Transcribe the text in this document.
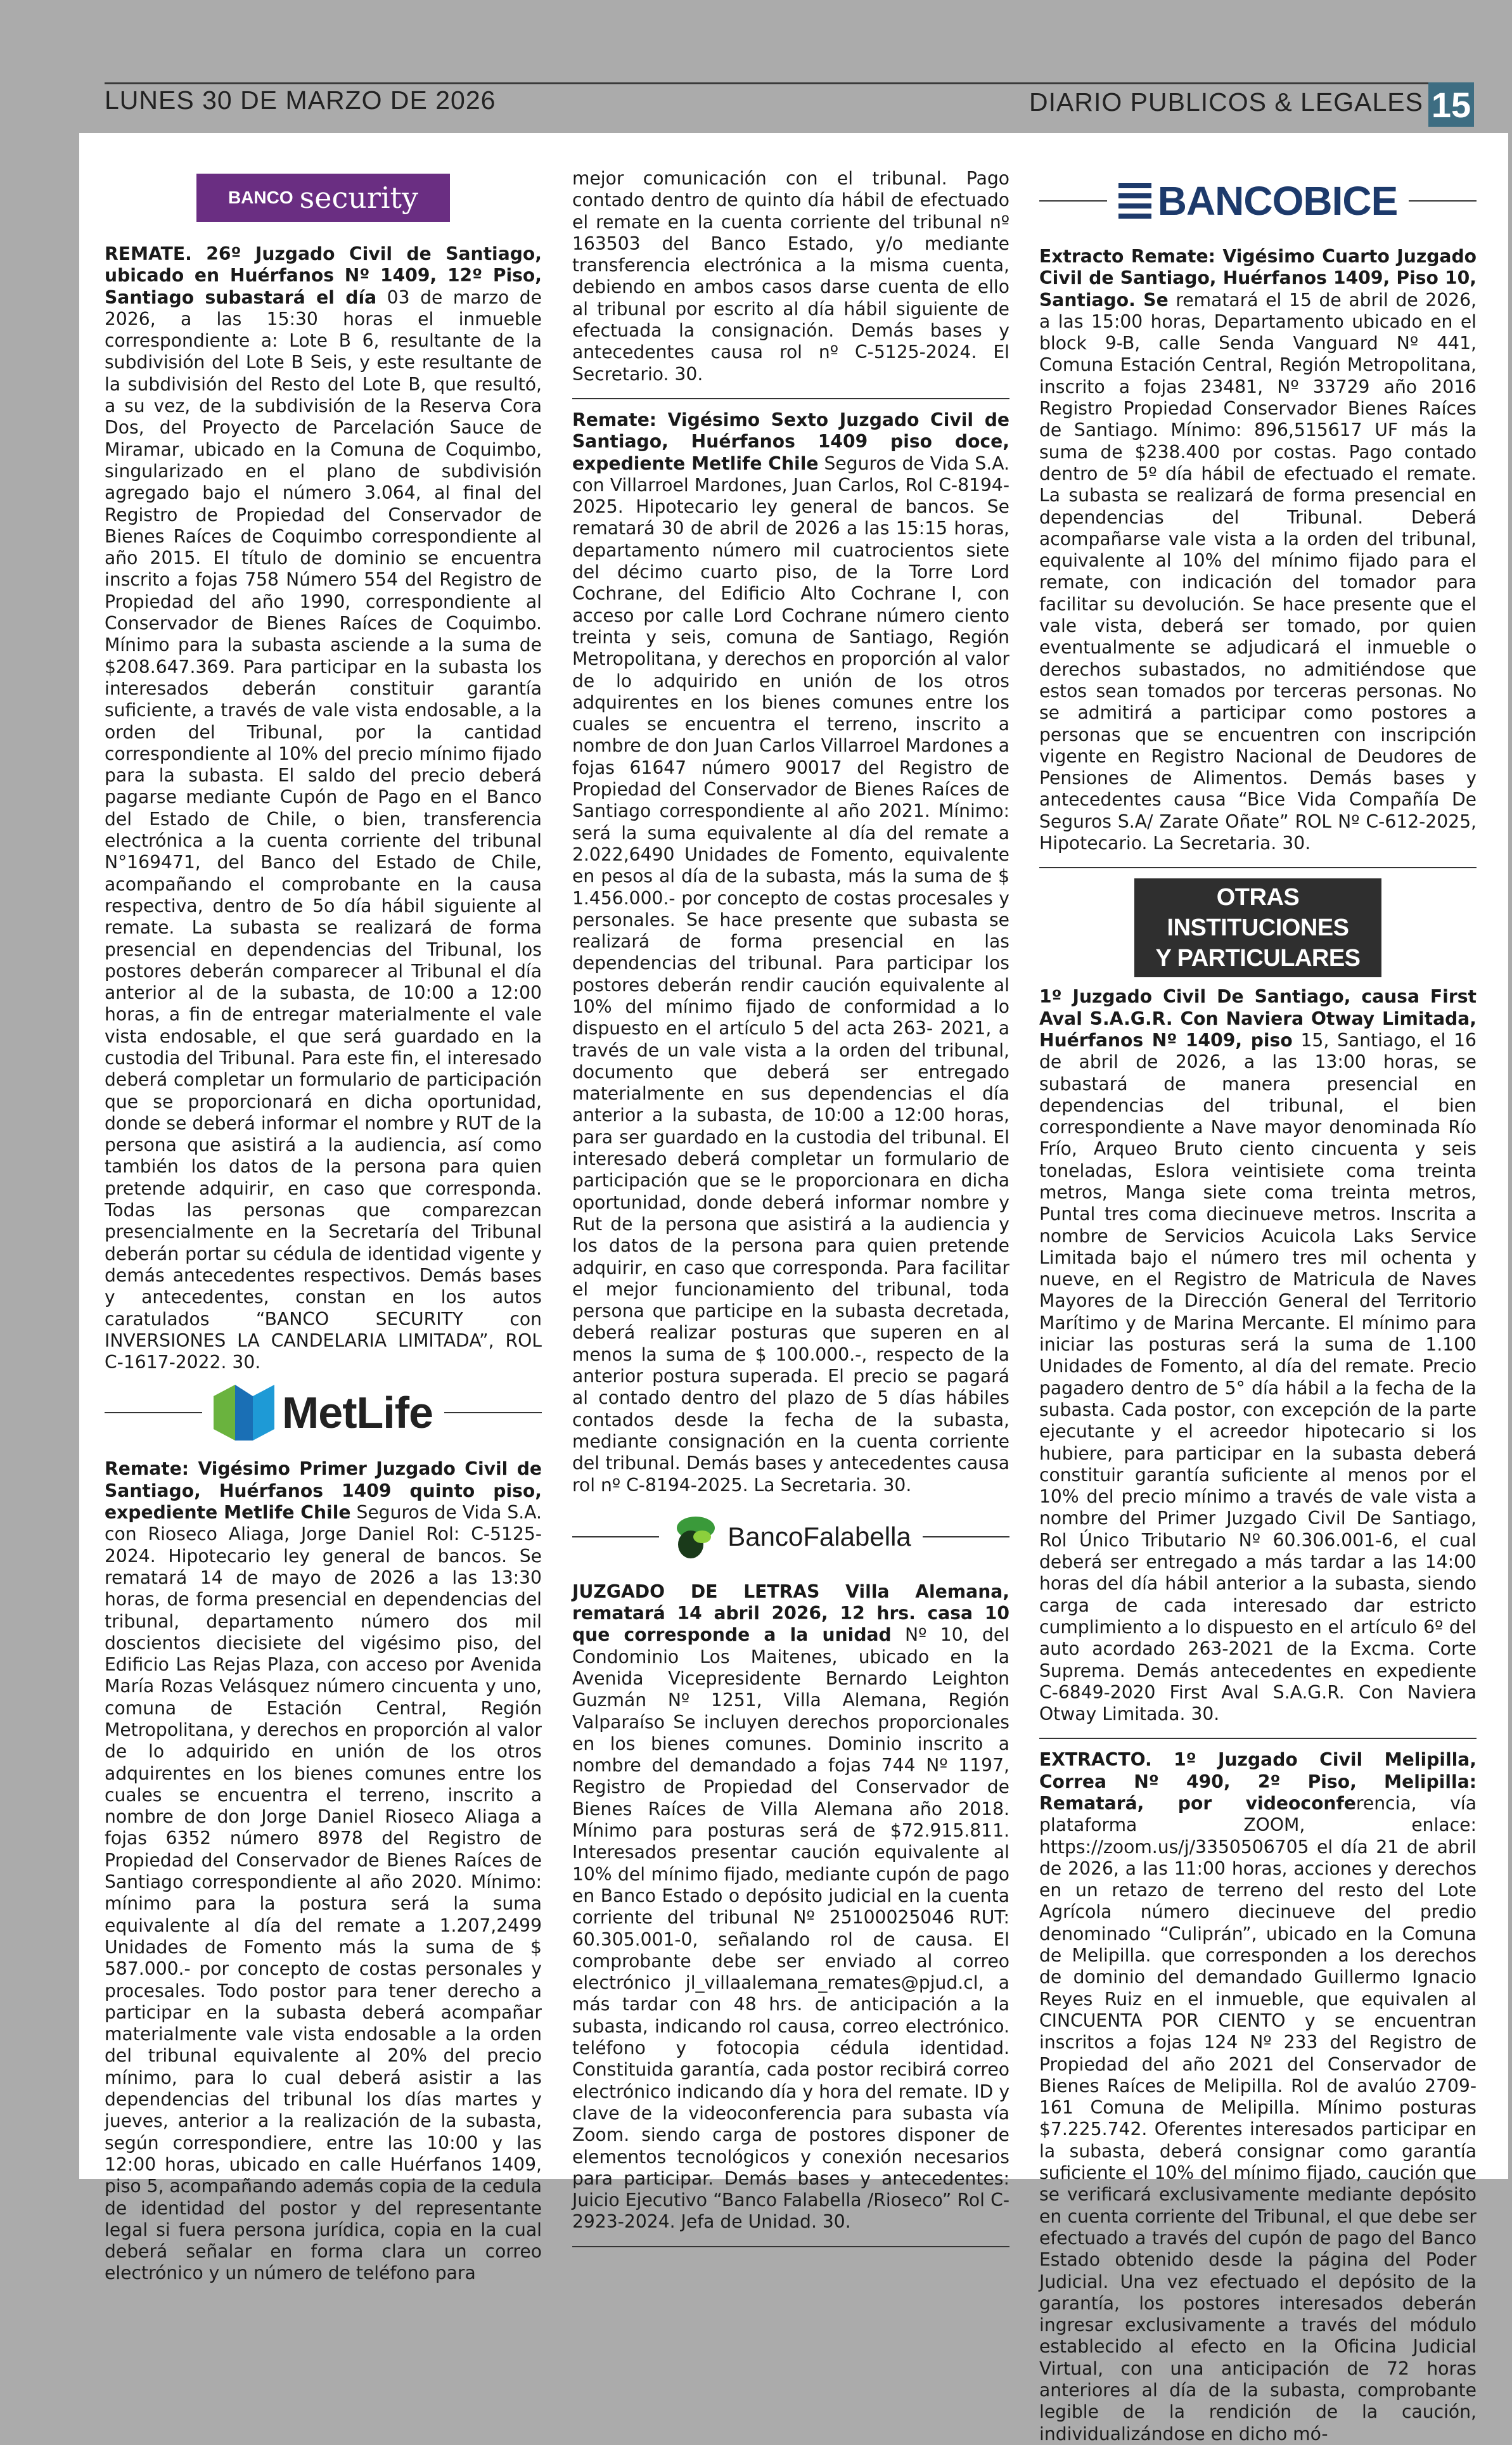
LUNES 30 DE MARZO DE 2026	DIARIO PUBLICOS & LEGALES 15
BANCO security

REMATE. 26º Juzgado Civil de Santiago, ubicado en Huérfanos Nº 1409, 12º Piso, Santiago subastará el día 03 de marzo de 2026, a las 15:30 horas el inmueble correspondiente a: Lote B 6, resultante de la subdivisión del Lote B Seis, y este resultante de la subdivisión del Resto del Lote B, que resultó, a su vez, de la subdivisión de la Reserva Cora Dos, del Proyecto de Parcelación Sauce de Miramar, ubicado en la Comuna de Coquimbo, singularizado en el plano de subdivisión agregado bajo el número 3.064, al final del Registro de Propiedad del Conservador de Bienes Raíces de Coquimbo correspondiente al año 2015. El título de dominio se encuentra inscrito a fojas 758 Número 554 del Registro de Propiedad del año 1990, correspondiente al Conservador de Bienes Raíces de Coquimbo. Mínimo para la subasta asciende a la suma de $208.647.369. Para participar en la subasta los interesados deberán constituir garantía suficiente, a través de vale vista endosable, a la orden del Tribunal, por la cantidad correspondiente al 10% del precio mínimo fijado para la subasta. El saldo del precio deberá pagarse mediante Cupón de Pago en el Banco del Estado de Chile, o bien, transferencia electrónica a la cuenta corriente del tribunal N°169471, del Banco del Estado de Chile, acompañando el comprobante en la causa respectiva, dentro de 5o día hábil siguiente al remate. La subasta se realizará de forma presencial en dependencias del Tribunal, los postores deberán comparecer al Tribunal el día anterior al de la subasta, de 10:00 a 12:00 horas, a fin de entregar materialmente el vale vista endosable, el que será guardado en la custodia del Tribunal. Para este fin, el interesado deberá completar un formulario de participación que se proporcionará en dicha oportunidad, donde se deberá informar el nombre y RUT de la persona que asistirá a la audiencia, así como también los datos de la persona para quien pretende adquirir, en caso que corresponda. Todas las personas que comparezcan presencialmente en la Secretaría del Tribunal deberán portar su cédula de identidad vigente y demás antecedentes respectivos. Demás bases y antecedentes, constan en los autos caratulados “BANCO SECURITY con INVERSIONES LA CANDELARIA LIMITADA”, ROL C-1617-2022. 30.

MetLife

Remate: Vigésimo Primer Juzgado Civil de Santiago, Huérfanos 1409 quinto piso, expediente Metlife Chile Seguros de Vida S.A. con Rioseco Aliaga, Jorge Daniel Rol: C-5125-2024. Hipotecario ley general de bancos. Se rematará 14 de mayo de 2026 a las 13:30 horas, de forma presencial en dependencias del tribunal, departamento número dos mil doscientos diecisiete del vigésimo piso, del Edificio Las Rejas Plaza, con acceso por Avenida María Rozas Velásquez número cincuenta y uno, comuna de Estación Central, Región Metropolitana, y derechos en proporción al valor de lo adquirido en unión de los otros adquirentes en los bienes comunes entre los cuales se encuentra el terreno, inscrito a nombre de don Jorge Daniel Rioseco Aliaga a fojas 6352 número 8978 del Registro de Propiedad del Conservador de Bienes Raíces de Santiago correspondiente al año 2020. Mínimo: mínimo para la postura será la suma equivalente al día del remate a 1.207,2499 Unidades de Fomento más la suma de $ 587.000.- por concepto de costas personales y procesales. Todo postor para tener derecho a participar en la subasta deberá acompañar materialmente vale vista endosable a la orden del tribunal equivalente al 20% del precio mínimo, para lo cual deberá asistir a las dependencias del tribunal los días martes y jueves, anterior a la realización de la subasta, según correspondiere, entre las 10:00 y las 12:00 horas, ubicado en calle Huérfanos 1409, piso 5, acompañando además copia de la cedula de identidad del postor y del representante legal si fuera persona jurídica, copia en la cual deberá señalar en forma clara un correo electrónico y un número de teléfono para

mejor comunicación con el tribunal. Pago contado dentro de quinto día hábil de efectuado el remate en la cuenta corriente del tribunal nº 163503 del Banco Estado, y/o mediante transferencia electrónica a la misma cuenta, debiendo en ambos casos darse cuenta de ello al tribunal por escrito al día hábil siguiente de efectuada la consignación. Demás bases y antecedentes causa rol nº C-5125-2024. El Secretario. 30.

Remate: Vigésimo Sexto Juzgado Civil de Santiago, Huérfanos 1409 piso doce, expediente Metlife Chile Seguros de Vida S.A. con Villarroel Mardones, Juan Carlos, Rol C-8194-2025. Hipotecario ley general de bancos. Se rematará 30 de abril de 2026 a las 15:15 horas, departamento número mil cuatrocientos siete del décimo cuarto piso, de la Torre Lord Cochrane, del Edificio Alto Cochrane I, con acceso por calle Lord Cochrane número ciento treinta y seis, comuna de Santiago, Región Metropolitana, y derechos en proporción al valor de lo adquirido en unión de los otros adquirentes en los bienes comunes entre los cuales se encuentra el terreno, inscrito a nombre de don Juan Carlos Villarroel Mardones a fojas 61647 número 90017 del Registro de Propiedad del Conservador de Bienes Raíces de Santiago correspondiente al año 2021. Mínimo: será la suma equivalente al día del remate a 2.022,6490 Unidades de Fomento, equivalente en pesos al día de la subasta, más la suma de $ 1.456.000.- por concepto de costas procesales y personales. Se hace presente que subasta se realizará de forma presencial en las dependencias del tribunal. Para participar los postores deberán rendir caución equivalente al 10% del mínimo fijado de conformidad a lo dispuesto en el artículo 5 del acta 263- 2021, a través de un vale vista a la orden del tribunal, documento que deberá ser entregado materialmente en sus dependencias el día anterior a la subasta, de 10:00 a 12:00 horas, para ser guardado en la custodia del tribunal. El interesado deberá completar un formulario de participación que se le proporcionara en dicha oportunidad, donde deberá informar nombre y Rut de la persona que asistirá a la audiencia y los datos de la persona para quien pretende adquirir, en caso que corresponda. Para facilitar el mejor funcionamiento del tribunal, toda persona que participe en la subasta decretada, deberá realizar posturas que superen en al menos la suma de $ 100.000.-, respecto de la anterior postura superada. El precio se pagará al contado dentro del plazo de 5 días hábiles contados desde la fecha de la subasta, mediante consignación en la cuenta corriente del tribunal. Demás bases y antecedentes causa rol nº C-8194-2025. La Secretaria. 30.

BancoFalabella

JUZGADO DE LETRAS Villa Alemana, rematará 14 abril 2026, 12 hrs. casa 10 que corresponde a la unidad Nº 10, del Condominio Los Maitenes, ubicado en la Avenida Vicepresidente Bernardo Leighton Guzmán Nº 1251, Villa Alemana, Región Valparaíso Se incluyen derechos proporcionales en los bienes comunes. Dominio inscrito a nombre del demandado a fojas 744 Nº 1197, Registro de Propiedad del Conservador de Bienes Raíces de Villa Alemana año 2018. Mínimo para posturas será de $72.915.811. Interesados presentar caución equivalente al 10% del mínimo fijado, mediante cupón de pago en Banco Estado o depósito judicial en la cuenta corriente del tribunal Nº 25100025046 RUT: 60.305.001-0, señalando rol de causa. El comprobante debe ser enviado al correo electrónico jl_villaalemana_remates@pjud.cl, a más tardar con 48 hrs. de anticipación a la subasta, indicando rol causa, correo electrónico. teléfono y fotocopia cédula identidad. Constituida garantía, cada postor recibirá correo electrónico indicando día y hora del remate. ID y clave de la videoconferencia para subasta vía Zoom. siendo carga de postores disponer de elementos tecnológicos y conexión necesarios para participar. Demás bases y antecedentes: Juicio Ejecutivo “Banco Falabella /Rioseco” Rol C-2923-2024. Jefa de Unidad. 30.

BANCOBICE

Extracto Remate: Vigésimo Cuarto Juzgado Civil de Santiago, Huérfanos 1409, Piso 10, Santiago. Se rematará el 15 de abril de 2026, a las 15:00 horas, Departamento ubicado en el block 9-B, calle Senda Vanguard Nº 441, Comuna Estación Central, Región Metropolitana, inscrito a fojas 23481, Nº 33729 año 2016 Registro Propiedad Conservador Bienes Raíces de Santiago. Mínimo: 896,515617 UF más la suma de $238.400 por costas. Pago contado dentro de 5º día hábil de efectuado el remate. La subasta se realizará de forma presencial en dependencias del Tribunal. Deberá acompañarse vale vista a la orden del tribunal, equivalente al 10% del mínimo fijado para el remate, con indicación del tomador para facilitar su devolución. Se hace presente que el vale vista, deberá ser tomado, por quien eventualmente se adjudicará el inmueble o derechos subastados, no admitiéndose que estos sean tomados por terceras personas. No se admitirá a participar como postores a personas que se encuentren con inscripción vigente en Registro Nacional de Deudores de Pensiones de Alimentos. Demás bases y antecedentes causa “Bice Vida Compañía De Seguros S.A/ Zarate Oñate” ROL Nº C-612-2025, Hipotecario. La Secretaria. 30.

OTRAS INSTITUCIONES
Y PARTICULARES

1º Juzgado Civil De Santiago, causa First Aval S.A.G.R. Con Naviera Otway Limitada, Huérfanos Nº 1409, piso 15, Santiago, el 16 de abril de 2026, a las 13:00 horas, se subastará de manera presencial en dependencias del tribunal, el bien correspondiente a Nave mayor denominada Río Frío, Arqueo Bruto ciento cincuenta y seis toneladas, Eslora veintisiete coma treinta metros, Manga siete coma treinta metros, Puntal tres coma diecinueve metros. Inscrita a nombre de Servicios Acuicola Laks Service Limitada bajo el número tres mil ochenta y nueve, en el Registro de Matricula de Naves Mayores de la Dirección General del Territorio Marítimo y de Marina Mercante. El mínimo para iniciar las posturas será la suma de 1.100 Unidades de Fomento, al día del remate. Precio pagadero dentro de 5° día hábil a la fecha de la subasta. Cada postor, con excepción de la parte ejecutante y el acreedor hipotecario si los hubiere, para participar en la subasta deberá constituir garantía suficiente al menos por el 10% del precio mínimo a través de vale vista a nombre del Primer Juzgado Civil De Santiago, Rol Único Tributario Nº 60.306.001-6, el cual deberá ser entregado a más tardar a las 14:00 horas del día hábil anterior a la subasta, siendo carga de cada interesado dar estricto cumplimiento a lo dispuesto en el artículo 6º del auto acordado 263-2021 de la Excma. Corte Suprema. Demás antecedentes en expediente C-6849-2020 First Aval S.A.G.R. Con Naviera Otway Limitada. 30.

EXTRACTO. 1º Juzgado Civil Melipilla, Correa Nº 490, 2º Piso, Melipilla: Rematará, por videoconferencia, vía plataforma ZOOM, enlace: https://zoom.us/j/3350506705 el día 21 de abril de 2026, a las 11:00 horas, acciones y derechos en un retazo de terreno del resto del Lote Agrícola número diecinueve del predio denominado “Culiprán”, ubicado en la Comuna de Melipilla. que corresponden a los derechos de dominio del demandado Guillermo Ignacio Reyes Ruiz en el inmueble, que equivalen al CINCUENTA POR CIENTO y se encuentran inscritos a fojas 124 Nº 233 del Registro de Propiedad del año 2021 del Conservador de Bienes Raíces de Melipilla. Rol de avalúo 2709-161 Comuna de Melipilla. Mínimo posturas $7.225.742. Oferentes interesados participar en la subasta, deberá consignar como garantía suficiente el 10% del mínimo fijado, caución que se verificará exclusivamente mediante depósito en cuenta corriente del Tribunal, el que debe ser efectuado a través del cupón de pago del Banco Estado obtenido desde la página del Poder Judicial. Una vez efectuado el depósito de la garantía, los postores interesados deberán ingresar exclusivamente a través del módulo establecido al efecto en la Oficina Judicial Virtual, con una anticipación de 72 horas anteriores al día de la subasta, comprobante legible de la rendición de la caución, individualizándose en dicho mó-
